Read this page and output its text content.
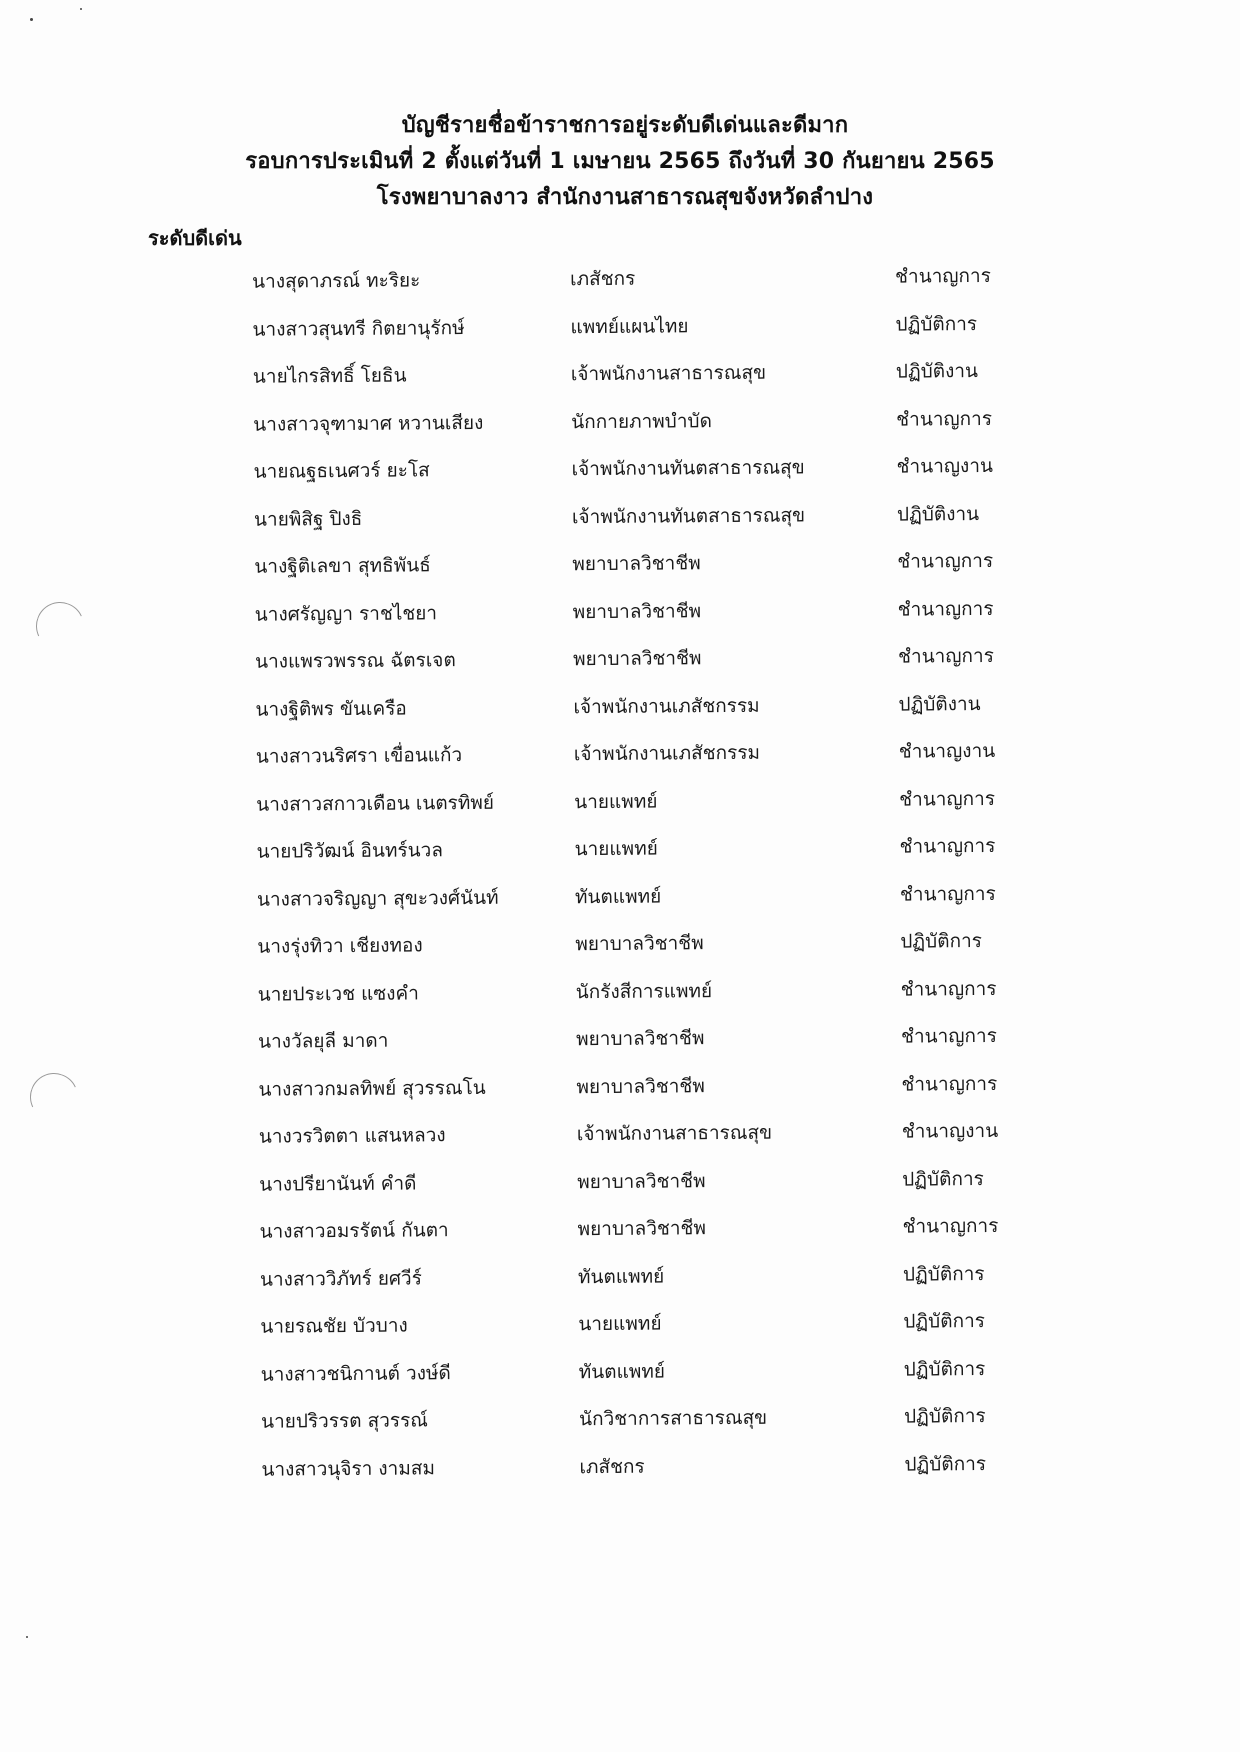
บัญชีรายชื่อข้าราชการอยู่ระดับดีเด่นและดีมาก
รอบการประเมินที่ 2 ตั้งแต่วันที่ 1 เมษายน 2565 ถึงวันที่ 30 กันยายน 2565
โรงพยาบาลงาว สำนักงานสาธารณสุขจังหวัดลำปาง
ระดับดีเด่น
นางสุดาภรณ์ ทะริยะ	เภสัชกร	ชำนาญการ
นางสาวสุนทรี กิตยานุรักษ์	แพทย์แผนไทย	ปฏิบัติการ
นายไกรสิทธิ์ โยธิน	เจ้าพนักงานสาธารณสุข	ปฏิบัติงาน
นางสาวจุฑามาศ หวานเสียง	นักกายภาพบำบัด	ชำนาญการ
นายณฐธเนศวร์ ยะโส	เจ้าพนักงานทันตสาธารณสุข	ชำนาญงาน
นายพิสิฐ ปิงธิ	เจ้าพนักงานทันตสาธารณสุข	ปฏิบัติงาน
นางฐิติเลขา สุทธิพันธ์	พยาบาลวิชาชีพ	ชำนาญการ
นางศรัญญา ราชไชยา	พยาบาลวิชาชีพ	ชำนาญการ
นางแพรวพรรณ ฉัตรเจต	พยาบาลวิชาชีพ	ชำนาญการ
นางฐิติพร ขันเครือ	เจ้าพนักงานเภสัชกรรม	ปฏิบัติงาน
นางสาวนริศรา เขื่อนแก้ว	เจ้าพนักงานเภสัชกรรม	ชำนาญงาน
นางสาวสกาวเดือน เนตรทิพย์	นายแพทย์	ชำนาญการ
นายปริวัฒน์ อินทร์นวล	นายแพทย์	ชำนาญการ
นางสาวจริญญา สุขะวงศ์นันท์	ทันตแพทย์	ชำนาญการ
นางรุ่งทิวา เชียงทอง	พยาบาลวิชาชีพ	ปฏิบัติการ
นายประเวช แซงคำ	นักรังสีการแพทย์	ชำนาญการ
นางวัลยุลี มาดา	พยาบาลวิชาชีพ	ชำนาญการ
นางสาวกมลทิพย์ สุวรรณโน	พยาบาลวิชาชีพ	ชำนาญการ
นางวรวิตตา แสนหลวง	เจ้าพนักงานสาธารณสุข	ชำนาญงาน
นางปรียานันท์ คำดี	พยาบาลวิชาชีพ	ปฏิบัติการ
นางสาวอมรรัตน์ กันตา	พยาบาลวิชาชีพ	ชำนาญการ
นางสาววิภัทร์ ยศวีร์	ทันตแพทย์	ปฏิบัติการ
นายรณชัย บัวบาง	นายแพทย์	ปฏิบัติการ
นางสาวชนิกานต์ วงษ์ดี	ทันตแพทย์	ปฏิบัติการ
นายปริวรรต สุวรรณ์	นักวิชาการสาธารณสุข	ปฏิบัติการ
นางสาวนุจิรา งามสม	เภสัชกร	ปฏิบัติการ
